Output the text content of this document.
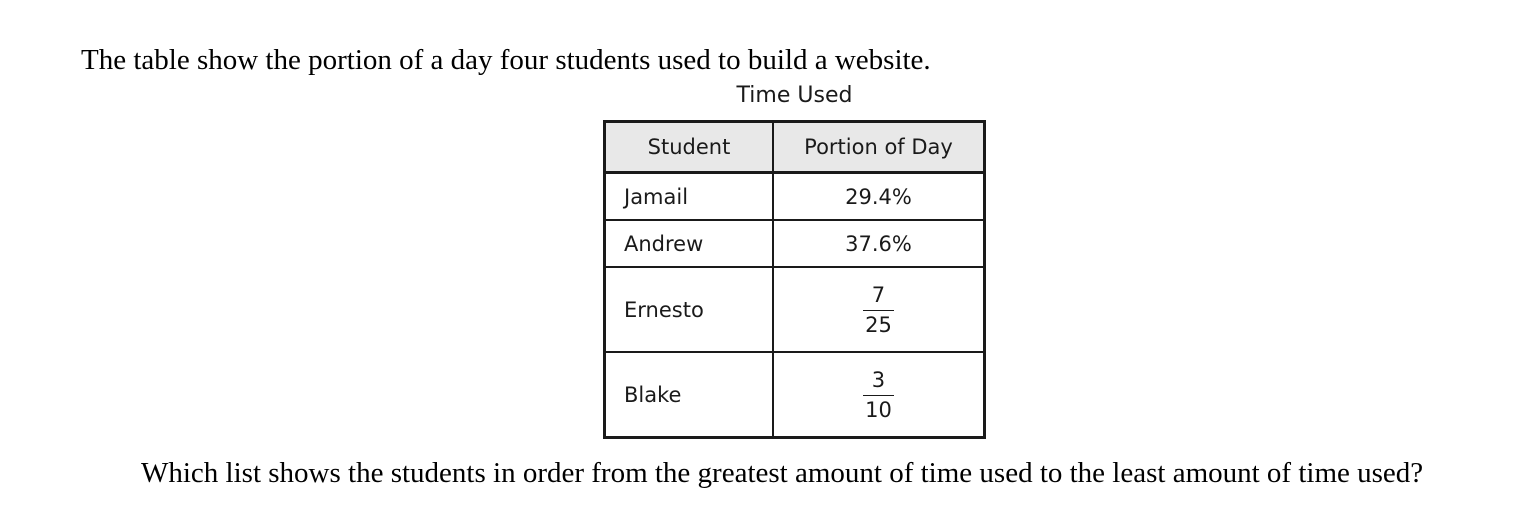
The table show the portion of a day four students used to build a website.
Time Used
Student	Portion of Day
Jamail	29.4%
Andrew	37.6%
Ernesto	$\frac{7}{25}$

Blake	$\frac{3}{10}$
Which list shows the students in order from the greatest amount of time used to the least amount of time used?
